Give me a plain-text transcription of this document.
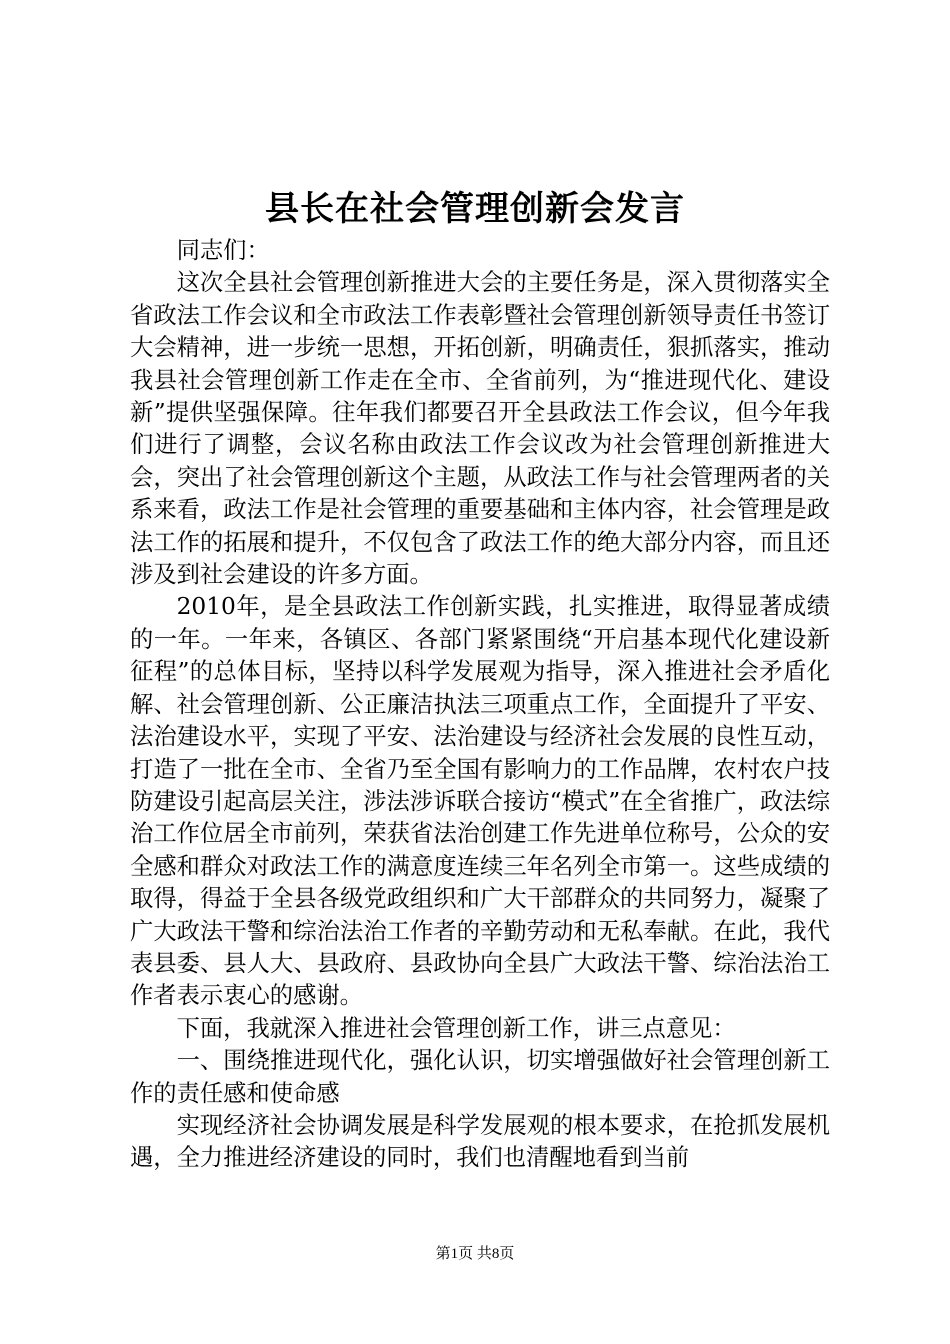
县长在社会管理创新会发言

同志们：

这次全县社会管理创新推进大会的主要任务是，深入贯彻落实全省政法工作会议和全市政法工作表彰暨社会管理创新领导责任书签订大会精神，进一步统一思想，开拓创新，明确责任，狠抓落实，推动我县社会管理创新工作走在全市、全省前列，为“推进现代化、建设新”提供坚强保障。往年我们都要召开全县政法工作会议，但今年我们进行了调整，会议名称由政法工作会议改为社会管理创新推进大会，突出了社会管理创新这个主题，从政法工作与社会管理两者的关系来看，政法工作是社会管理的重要基础和主体内容，社会管理是政法工作的拓展和提升，不仅包含了政法工作的绝大部分内容，而且还涉及到社会建设的许多方面。

2010年，是全县政法工作创新实践，扎实推进，取得显著成绩的一年。一年来，各镇区、各部门紧紧围绕“开启基本现代化建设新征程”的总体目标，坚持以科学发展观为指导，深入推进社会矛盾化解、社会管理创新、公正廉洁执法三项重点工作，全面提升了平安、法治建设水平，实现了平安、法治建设与经济社会发展的良性互动，打造了一批在全市、全省乃至全国有影响力的工作品牌，农村农户技防建设引起高层关注，涉法涉诉联合接访“模式”在全省推广，政法综治工作位居全市前列，荣获省法治创建工作先进单位称号，公众的安全感和群众对政法工作的满意度连续三年名列全市第一。这些成绩的取得，得益于全县各级党政组织和广大干部群众的共同努力，凝聚了广大政法干警和综治法治工作者的辛勤劳动和无私奉献。在此，我代表县委、县人大、县政府、县政协向全县广大政法干警、综治法治工作者表示衷心的感谢。

下面，我就深入推进社会管理创新工作，讲三点意见：

一、围绕推进现代化，强化认识，切实增强做好社会管理创新工作的责任感和使命感

实现经济社会协调发展是科学发展观的根本要求，在抢抓发展机遇，全力推进经济建设的同时，我们也清醒地看到当前

第1页 共8页
